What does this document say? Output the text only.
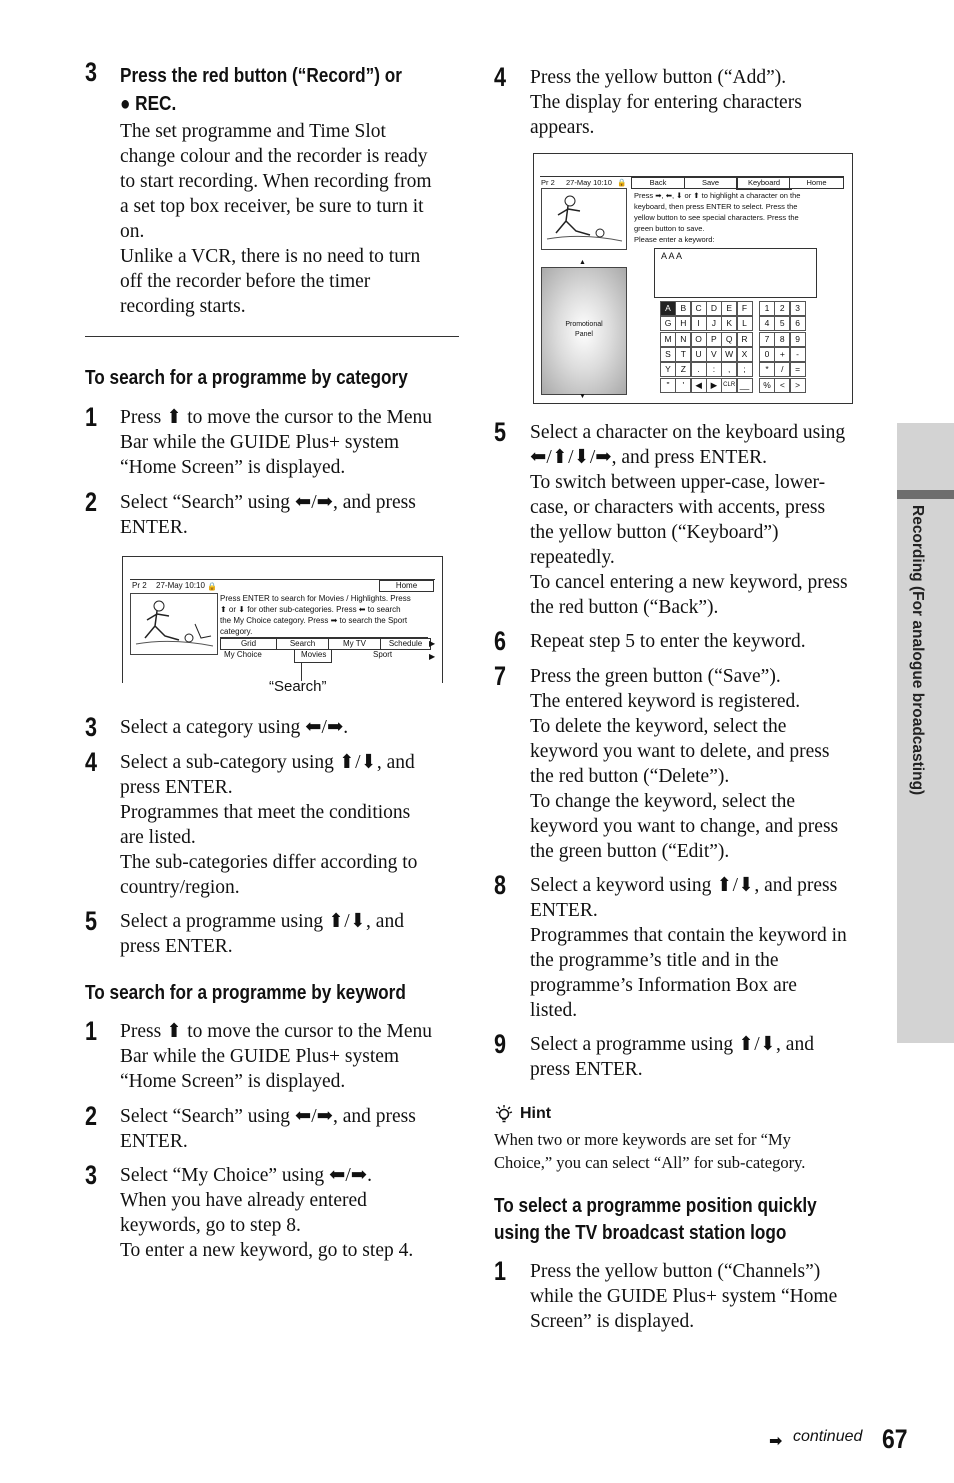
3 Press the red button (“Record”) or
● REC.
The set programme and Time Slot
change colour and the recorder is ready
to start recording. When recording from
a set top box receiver, be sure to turn it
on.
Unlike a VCR, there is no need to turn
off the recorder before the timer
recording starts.
To search for a programme by category
1
2
3
4
5
Pr 2 27-May 10:10 🔒	Home
Press ENTER to search for Movies / Highlights. Press
⬆ or ⬇ for other sub-categories. Press ⬅ to search
the My Choice category. Press ➡ to search the Sport
category.
Grid	Search	My TV	Schedule ▶
My Choice	Movies	Sport	▶
“Search”
To search for a programme by keyword
1
2
3
4
Pr 2 27-May 10:10 🔒	Back	Save	Keyboard	Home
Press ➡, ⬅, ⬇ or ⬆ to highlight a character on the
keyboard, then press ENTER to select. Press the
yellow button to see special characters. Press the
green button to save.
Please enter a keyword:
A A A
▲
Promotional
Panel
▼
A	B	C	D	E	F
G	H	I	J	K	L
M	N	O	P	Q	R
S	T	U	V W X
Y	Z	.	:	,	;
"	'	◀	▶	CLR __
1	2	3
4	5	6
7	8	9
0	+	-
*	/	=
%	<	>
5
6
7
8
9
Hint
When two or more keywords are set for “My
Choice,” you can select “All” for sub-category.
To select a programme position quickly
using the TV broadcast station logo
1
Recording (For analogue broadcasting)
➡ continued 67
Press ⬆ to move the cursor to the Menu
Bar while the GUIDE Plus+ system
“Home Screen” is displayed.
Select “Search” using ⬅/➡, and press
ENTER.
Select a category using ⬅/➡.
Select a sub-category using ⬆/⬇, and
press ENTER.
Programmes that meet the conditions
are listed.
The sub-categories differ according to
country/region.
Select a programme using ⬆/⬇, and
press ENTER.
Press ⬆ to move the cursor to the Menu
Bar while the GUIDE Plus+ system
“Home Screen” is displayed.
Select “Search” using ⬅/➡, and press
ENTER.
Select “My Choice” using ⬅/➡.
When you have already entered
keywords, go to step 8.
To enter a new keyword, go to step 4.
Press the yellow button (“Add”).
The display for entering characters
appears.
Select a character on the keyboard using
⬅/⬆/⬇/➡, and press ENTER.
To switch between upper-case, lower-
case, or characters with accents, press
the yellow button (“Keyboard”)
repeatedly.
To cancel entering a new keyword, press
the red button (“Back”).
Repeat step 5 to enter the keyword.
Press the green button (“Save”).
The entered keyword is registered.
To delete the keyword, select the
keyword you want to delete, and press
the red button (“Delete”).
To change the keyword, select the
keyword you want to change, and press
the green button (“Edit”).
Select a keyword using ⬆/⬇, and press
ENTER.
Programmes that contain the keyword in
the programme’s title and in the
programme’s Information Box are
listed.
Select a programme using ⬆/⬇, and
press ENTER.
Press the yellow button (“Channels”)
while the GUIDE Plus+ system “Home
Screen” is displayed.
